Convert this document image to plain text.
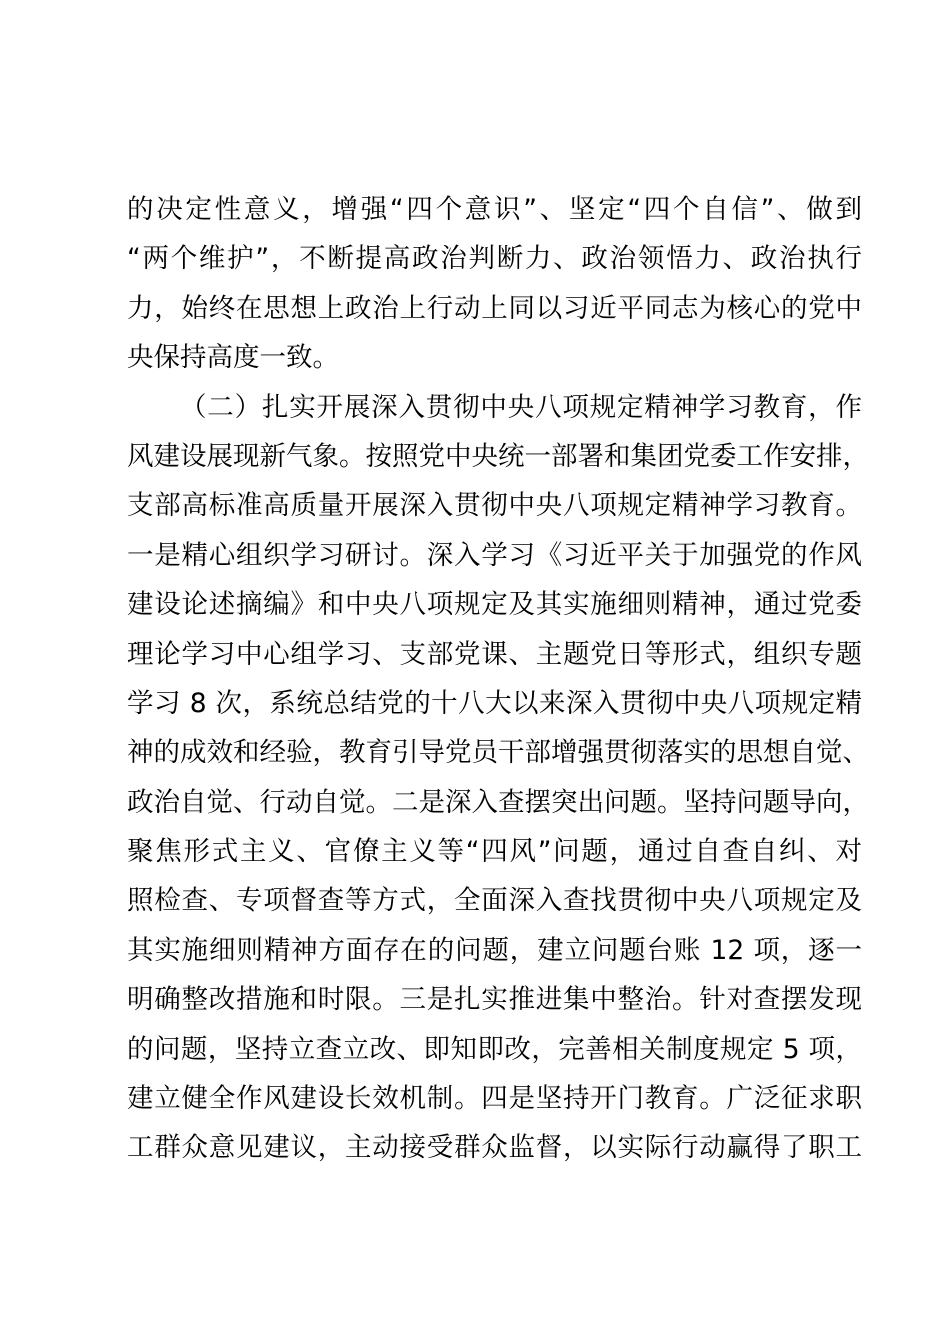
的决定性意义，增强“四个意识”、坚定“四个自信”、做到
“两个维护”，不断提高政治判断力、政治领悟力、政治执行
力，始终在思想上政治上行动上同以习近平同志为核心的党中
央保持高度一致。
（二）扎实开展深入贯彻中央八项规定精神学习教育，作
风建设展现新气象。按照党中央统一部署和集团党委工作安排，
支部高标准高质量开展深入贯彻中央八项规定精神学习教育。
一是精心组织学习研讨。深入学习《习近平关于加强党的作风
建设论述摘编》和中央八项规定及其实施细则精神，通过党委
理论学习中心组学习、支部党课、主题党日等形式，组织专题
学习 8 次，系统总结党的十八大以来深入贯彻中央八项规定精
神的成效和经验，教育引导党员干部增强贯彻落实的思想自觉、
政治自觉、行动自觉。二是深入查摆突出问题。坚持问题导向，
聚焦形式主义、官僚主义等“四风”问题，通过自查自纠、对
照检查、专项督查等方式，全面深入查找贯彻中央八项规定及
其实施细则精神方面存在的问题，建立问题台账 12 项，逐一
明确整改措施和时限。三是扎实推进集中整治。针对查摆发现
的问题，坚持立查立改、即知即改，完善相关制度规定 5 项，
建立健全作风建设长效机制。四是坚持开门教育。广泛征求职
工群众意见建议，主动接受群众监督，以实际行动赢得了职工
